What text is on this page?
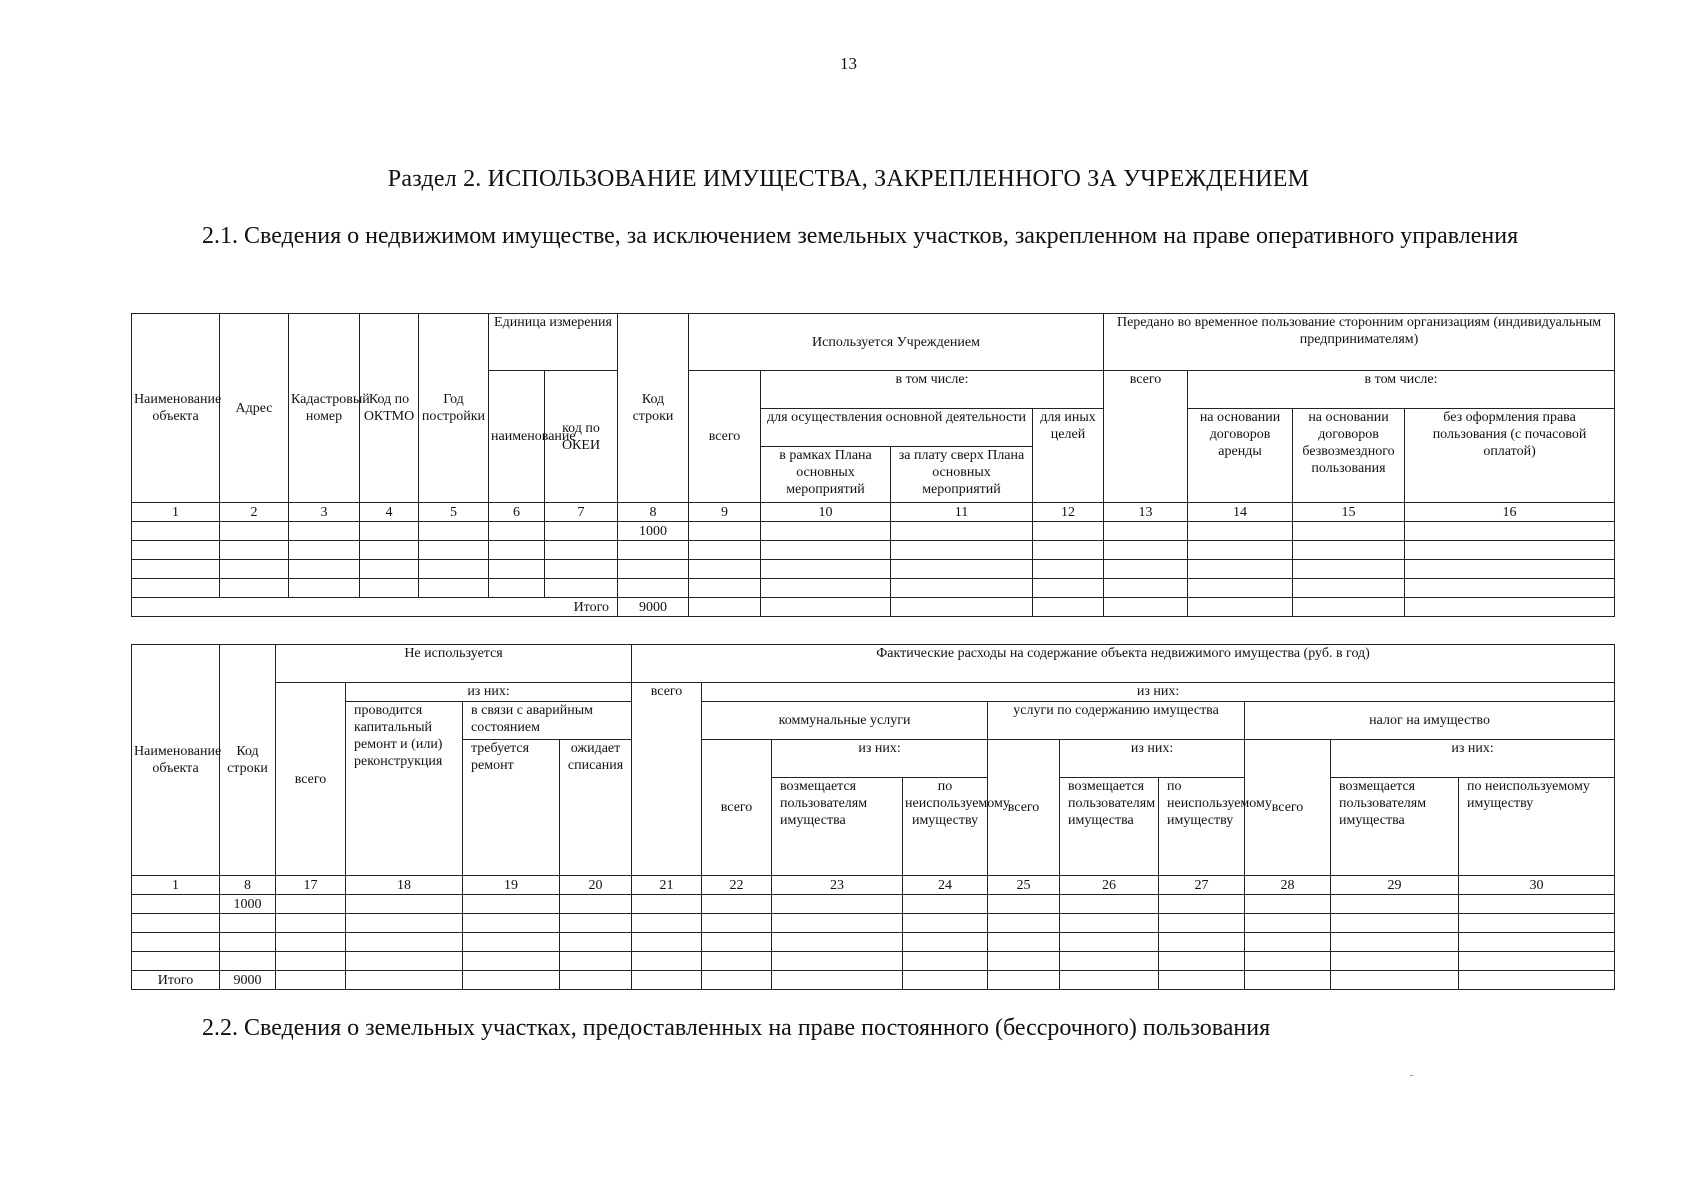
13
Раздел 2. ИСПОЛЬЗОВАНИЕ ИМУЩЕСТВА, ЗАКРЕПЛЕННОГО ЗА УЧРЕЖДЕНИЕМ
2.1. Сведения о недвижимом имуществе, за исключением земельных участков, закрепленном на праве оперативного управления
Наименование объекта	Адрес	Кадастровый номер	Код по ОКТМО	Год постройки	Единица измерения		Код строки	Используется Учреждением				Передано во временное пользование сторонним организациям (индивидуальным предпринимателям)			
					наименование	код по ОКЕИ		всего	в том числе:			всего	в том числе:		
									для осуществления основной деятельности		для иных целей		на основании договоров аренды	на основании договоров безвозмездного пользования	без оформления права пользования (с почасовой оплатой)
									в рамках Плана основных мероприятий	за плату сверх Плана основных мероприятий					
1	2	3	4	5	6	7	8	9	10	11	12	13	14	15	16
							1000								

Итого							9000								
Наименование объекта	Код строки	Не используется				Фактические расходы на содержание объекта недвижимого имущества (руб. в год)									
		всего	из них:			всего	из них:								
			проводится капитальный ремонт и (или) реконструкция	в связи с аварийным состоянием			коммунальные услуги			услуги по содержанию имущества			налог на имущество		
				требуется ремонт	ожидает списания		всего	из них:		всего	из них:		всего	из них:	
								возмещается пользователям имущества	по неиспользуемому имуществу		возмещается пользователям имущества	по неиспользуемому имуществу		возмещается пользователям имущества	по неиспользуемому имуществу
1	8	17	18	19	20	21	22	23	24	25	26	27	28	29	30
	1000														

Итого	9000														
2.2. Сведения о земельных участках, предоставленных на праве постоянного (бессрочного) пользования
